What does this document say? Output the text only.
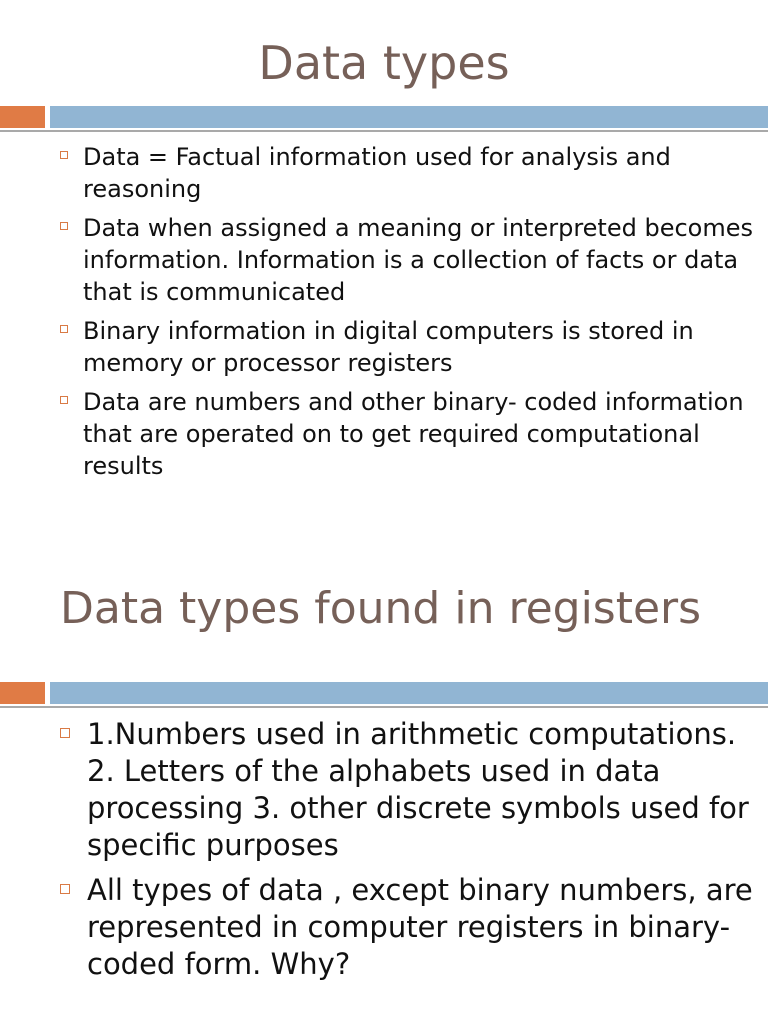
Data types
Data = Factual information used for analysis and reasoning
Data when assigned a meaning or interpreted becomes information. Information is a collection of facts or data that is communicated
Binary information in digital computers is stored in memory or processor registers
Data are numbers and other binary- coded information that are operated on to get required computational results
Data types found in registers
1.Numbers used in arithmetic computations. 2. Letters of the alphabets used in data processing 3. other discrete symbols used for specific purposes
All types of data , except binary numbers, are represented in computer registers in binary-coded form. Why?
